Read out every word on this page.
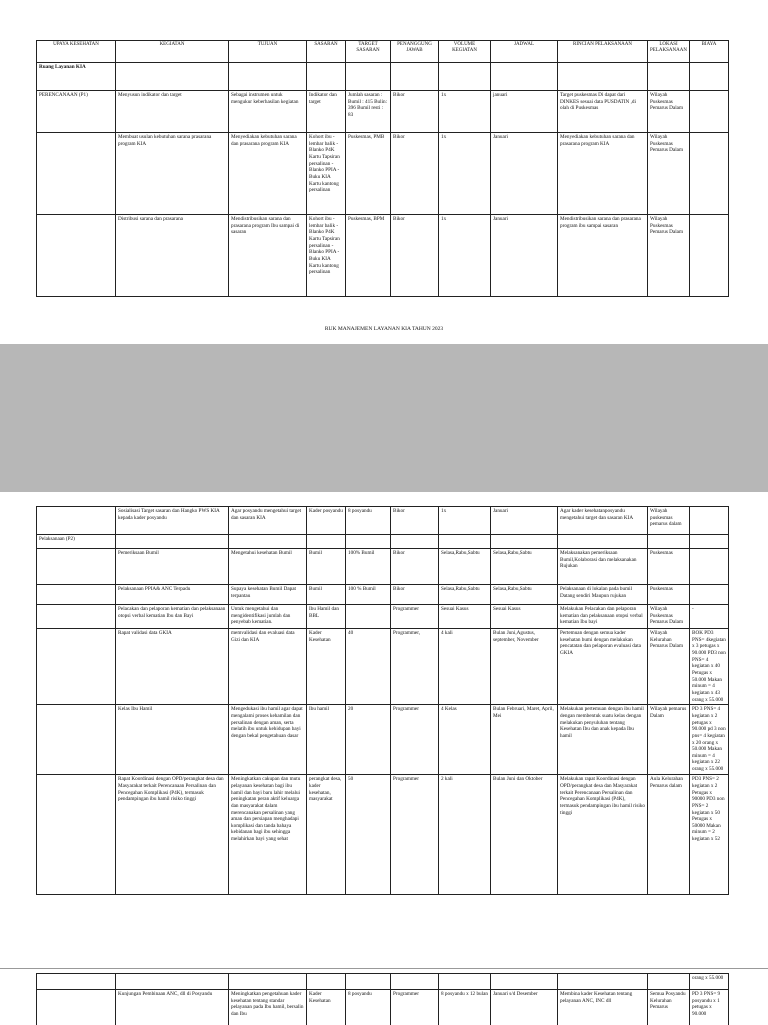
UPAYA KESEHATAN	KEGIATAN	TUJUAN	SASARAN	TARGET SASARAN	PENANGGUNG JAWAB	VOLUME KEGIATAN	JADWAL	RINCIAN PELAKSANAAN	LOKASI PELAKSANAAN	BIAYA
Ruang Layanan KIA										
PERENCANAAN (P1)	Menyusun indikator dan target	Sebagai instrumen untuk mengukur keberhasilan kegiatan	Indikator dan target	Jumlah sasaran : Bumil : 415 Bulin: 396 Bumil resti : 83	Bikor	1x	januari	Target puskesmas Di dapat dari DINKES sesuai data PUSDATIN ,di olah di Puskesmas	Wilayah Puskesmas Pemarus Dalam	
	Membuat usulan kebutuhan sarana prasarana program KIA	Menyediakan kebutuhan sarana dan prasarana program KIA	Kohort ibu - lembar balik - Blanko P4K Kartu Tapsiran persalinan - Blanko PPIA - Buku KIA Kartu kantong persalinan	Puskesmas, PMB	Bikor	1x	Januari	Menyediakan kebutuhan sarana dan prasarana program KIA	Wilayah Puskesmas Pemarus Dalam	
	Distribusi sarana dan prasarana	Mendistribusikan sarana dan prasarana program Ibu sampai di sasaran	Kohort ibu - lembar balik - Blanko P4K Kartu Tapsiran persalinan - Blanko PPIA - Buku KIA Kartu kantong persalinan	Puskesmas, BPM	Bikor	1x	Januari	Mendistribusikan sarana dan prasarana program ibu sampai sasaran	Wilayah Puskesmas Pemarus Dalam	
RUK MANAJEMEN LAYANAN KIA TAHUN 2023
	Sosialisasi Target sasaran dan Hangko PWS KIA kepada kader posyandu	Agar posyandu mengetahui target dan sasaran KIA	Kader posyandu	8 posyandu	Bikor	1x	Januari	Agar kader kesehatanposyandu mengetahui target dan sasaran KIA	Wilayah puskesmas pemarus dalam	
Pelaksanaan (P2)										
	Pemeriksaan Bumil	Mengetahui kesehatan Bumil	Bumil	100% Bumil	Bikor	Selasa,Rabu,Sabtu	Selasa,Rabu,Sabtu	Melaksanakan pemeriksaan Bumil,Kolaborasi dan melaksanakan Rujukan	Puskesmas	
	Pelaksanaan PPIA& ANC Terpadu	Supaya kesehatan Bumil Dapat terpantau	Bumil	100 % Bumil	Bikor	Selasa,Rabu,Sabtu	Selasa,Rabu,Sabtu	Pelaksanaan di lokalan pada bumil Datang sendiri Maupun rujukan	Puskesmas	
	Pelacakan dan pelaporan kematian dan pelaksanaan otopsi verbal kematian Ibu dan Bayi	Untuk mengetahui dan mengidentifikasi jumlah dan penyebab kematian.	Ibu Hamil dan BBL		Programmer	Sesuai Kasus	Sesuai Kasus	Melakukan Pelacakan dan pelaporan kematian dan pelaksanaan otopsi verbal kematian Ibu bayi	Wilayah Puskesmas Pemarus Dalam	-
	Rapat validasi data GKIA	memvalidasi dan evaluasi data Gizi dan KIA	Kader Kesehatan	40	Programmer,	4 kali	Bulan Juni,Agustus, september, November	Pertemuan dengan semua kader kesehatan bumi dengan melakukan pencatatan dan pelaporan evaluasi data GKIA	Wilayah Kelurahan Pemarus Dalam	BOK PD3 PNS= 4kegiatan x 3 petugas x 90.000 PD3 non PNS= 4 kegiatan x 40 Petugas x 50.000 Makan minum = 4 kegiatan x 43 orang x 55.000
	Kelas Ibu Hamil	Mengedukasi ibu hamil agar dapat mengalami proses kehamilan dan persalinan dengan aman, serta melatih ibu untuk kehidupan bayi dengan bekal pengetahuan dasar	Ibu hamil	20	Programmer	4 Kelas	Bulan Februari, Maret, April, Mei	Melakukan pertemuan dengan ibu hamil dengan membentuk suatu kelas dengan melakukan penyuluhan tentang Kesehatan Ibu dan anak kepada Ibu hamil	Wilayah pemarus Dalam	PD 3 PNS= 4 kegiatan x 2 petugas x 90.000 pd 3 non pns= 4 kegiatan x 20 orang x 50.000 Makan minum = 4 kegiatan x 22 orang x 55.000
	Rapat Koordinasi dengan OPD/perangkat desa dan Masyarakat terkait Perencanaan Persalinan dan Pencegahan Komplikasi (P4K), termasuk pendampingan ibu hamil risiko tinggi	Meningkatkan cakupan dan mutu pelayanan kesehatan bagi ibu hamil dan bayi baru lahir melalui peningkatan peran aktif keluarga dan masyarakat dalam merencanakan persalinan yang aman dan persiapan menghadapi komplikasi dan tanda bahaya kebidanan bagi ibu sehingga melahirkan bayi yang sehat	perangkat desa, kader kesehatan, masyarakat	50	Programmer	2 kali	Bulan Juni dan Oktober	Melakukan rapat Koordinasi dengan OPD/perangkat desa dan Masyarakat terkait Perencanaan Persalinan dan Pencegahan Komplikasi (P4K), termasuk pendampingan ibu hamil risiko tinggi	Aula Kelurahan Pemarus dalam	PD3 PNS= 2 kegiatan x 2 Petugas x 90000 PD3 non PNS= 2 kegiatan x 50 Petugas x 50000 Makan minum = 2 kegiatan x 52
										orang x 55.000
	Kunjungan Pembinaan ANC, dll di Posyandu	Meningkatkan pengetahuan kader kesehatan tentang standar pelayanan pada Ibu hamil, bersalin dan Ibu	Kader Kesehatan	8 posyandu	Programmer	8 posyandu x 12 bulan	Januari s/d Desember	Membina kader Kesehatan tentang pelayanan ANC, INC dll	Semua Posyandu Kelurahan Pemarus	PD 3 PNS= 9 posyandu x 1 petugas x 90.000
